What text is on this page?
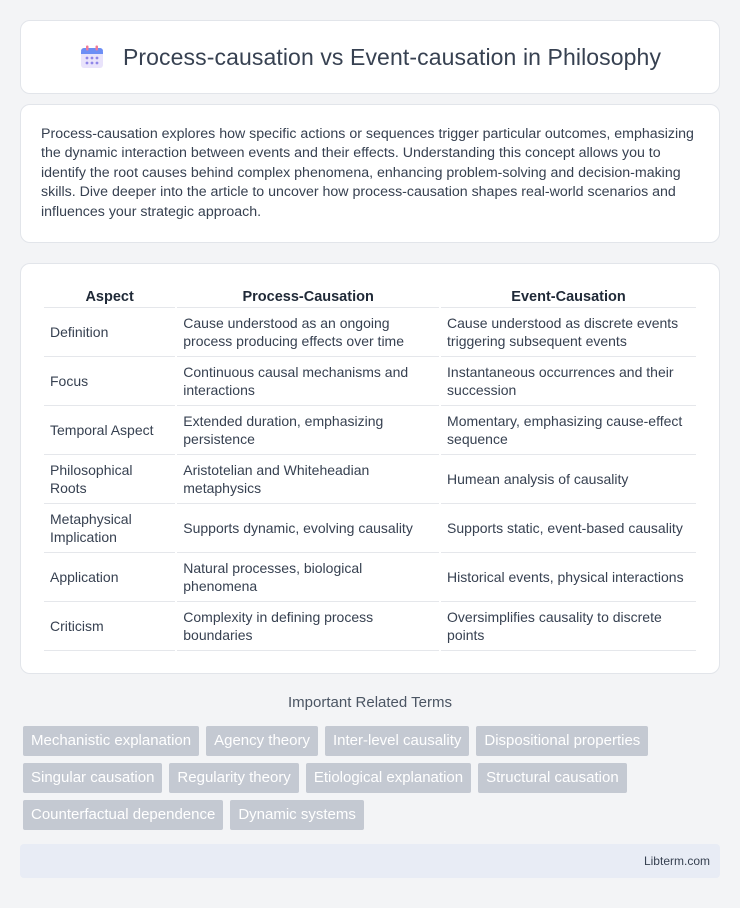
Process-causation vs Event-causation in Philosophy

Process-causation explores how specific actions or sequences trigger particular outcomes, emphasizing the dynamic interaction between events and their effects. Understanding this concept allows you to identify the root causes behind complex phenomena, enhancing problem-solving and decision-making skills. Dive deeper into the article to uncover how process-causation shapes real-world scenarios and influences your strategic approach.

Aspect	Process-Causation	Event-Causation
Definition	Cause understood as an ongoing process producing effects over time	Cause understood as discrete events triggering subsequent events
Focus	Continuous causal mechanisms and interactions	Instantaneous occurrences and their succession
Temporal Aspect	Extended duration, emphasizing persistence	Momentary, emphasizing cause-effect sequence
Philosophical Roots	Aristotelian and Whiteheadian metaphysics	Humean analysis of causality
Metaphysical Implication	Supports dynamic, evolving causality	Supports static, event-based causality
Application	Natural processes, biological phenomena	Historical events, physical interactions
Criticism	Complexity in defining process boundaries	Oversimplifies causality to discrete points
Important Related Terms
Mechanistic explanation	Agency theory	Inter-level causality	Dispositional properties
Singular causation	Regularity theory	Etiological explanation	Structural causation
Counterfactual dependence	Dynamic systems
Libterm.com
